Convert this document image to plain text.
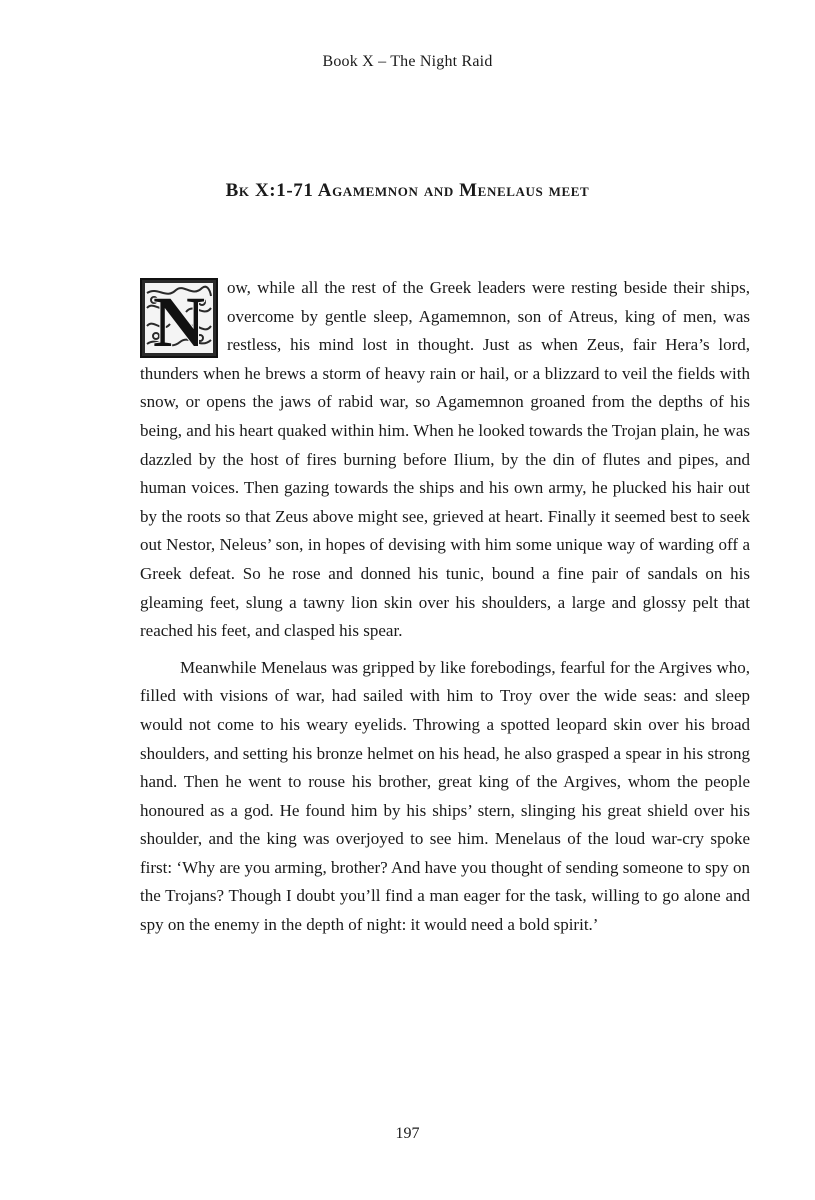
Book X – The Night Raid
Bk X:1-71 Agamemnon and Menelaus meet

N ow, while all the rest of the Greek leaders were resting beside their ships, overcome by gentle sleep, Agamemnon, son of Atreus, king of men, was restless, his mind lost in thought. Just as when Zeus, fair Hera’s lord, thunders when he brews a storm of heavy rain or hail, or a blizzard to veil the fields with snow, or opens the jaws of rabid war, so Agamemnon groaned from the depths of his being, and his heart quaked within him. When he looked towards the Trojan plain, he was dazzled by the host of fires burning before Ilium, by the din of flutes and pipes, and human voices. Then gazing towards the ships and his own army, he plucked his hair out by the roots so that Zeus above might see, grieved at heart. Finally it seemed best to seek out Nestor, Neleus’ son, in hopes of devising with him some unique way of warding off a Greek defeat. So he rose and donned his tunic, bound a fine pair of sandals on his gleaming feet, slung a tawny lion skin over his shoulders, a large and glossy pelt that reached his feet, and clasped his spear.

Meanwhile Menelaus was gripped by like forebodings, fearful for the Argives who, filled with visions of war, had sailed with him to Troy over the wide seas: and sleep would not come to his weary eyelids. Throwing a spotted leopard skin over his broad shoulders, and setting his bronze helmet on his head, he also grasped a spear in his strong hand. Then he went to rouse his brother, great king of the Argives, whom the people honoured as a god. He found him by his ships’ stern, slinging his great shield over his shoulder, and the king was overjoyed to see him. Menelaus of the loud war-cry spoke first: ‘Why are you arming, brother? And have you thought of sending someone to spy on the Trojans? Though I doubt you’ll find a man eager for the task, willing to go alone and spy on the enemy in the depth of night: it would need a bold spirit.’

197
